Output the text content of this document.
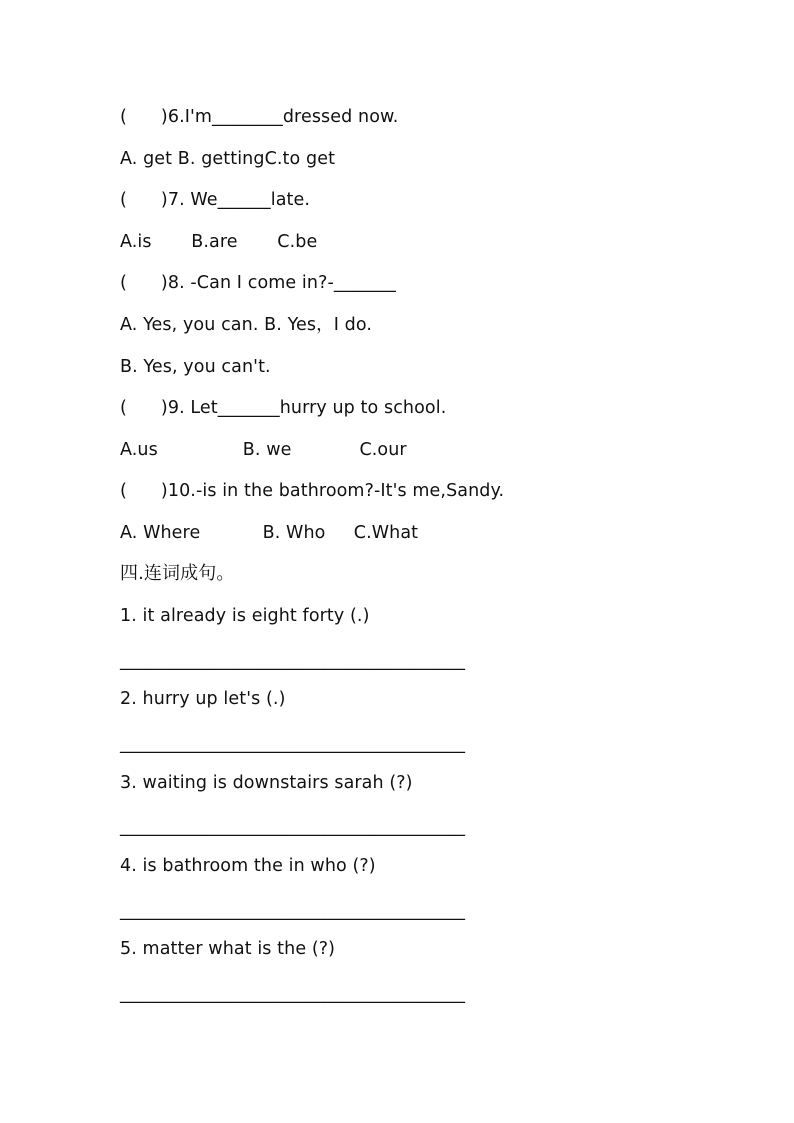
(      )6.I'm________dressed now.
A. get B. gettingC.to get
(      )7. We______late.
A.is       B.are       C.be
(      )8. -Can I come in?-_______
A. Yes, you can. B. Yes，I do.
B. Yes, you can't.
(      )9. Let_______hurry up to school.
A.us               B. we            C.our
(      )10.-is in the bathroom?-It's me,Sandy.
A. Where           B. Who     C.What
四.连词成句。
1. it already is eight forty (.)
_______________________________________
2. hurry up let's (.)
_______________________________________
3. waiting is downstairs sarah (?)
_______________________________________
4. is bathroom the in who (?)
_______________________________________
5. matter what is the (?)
_______________________________________
